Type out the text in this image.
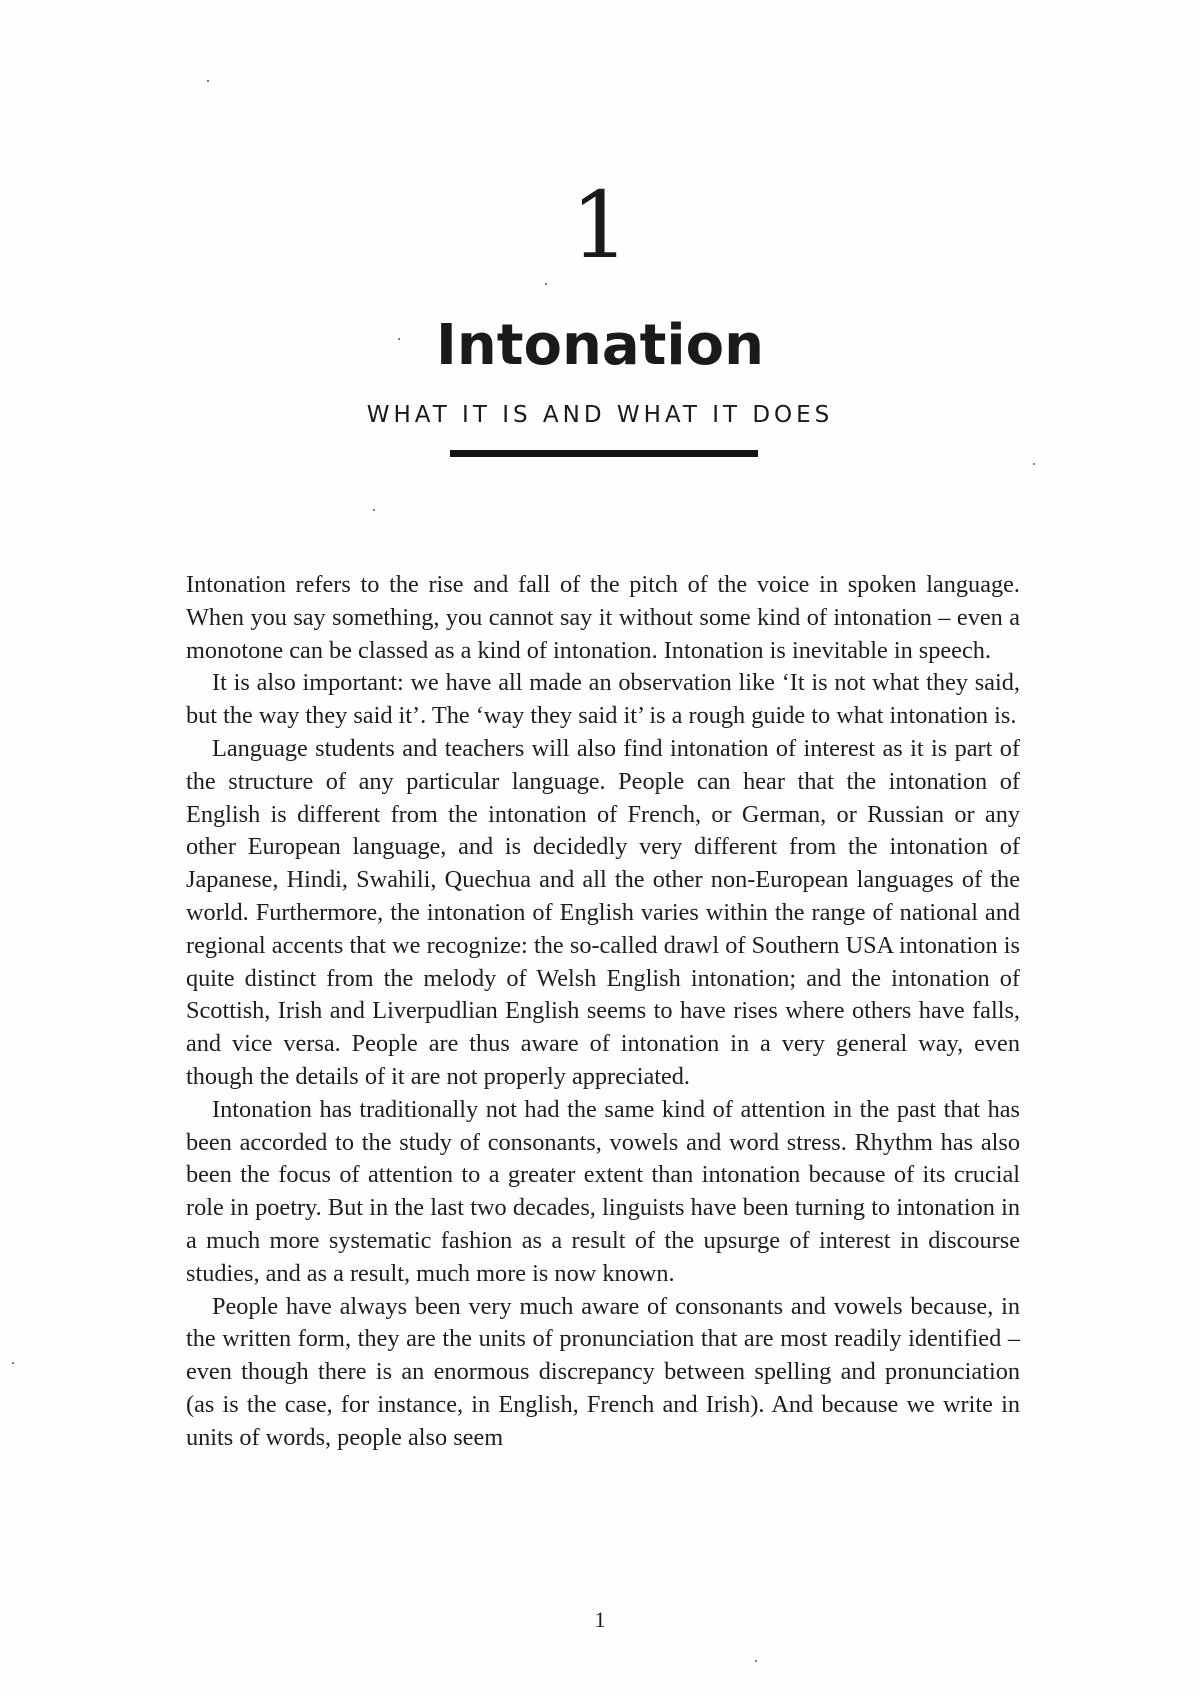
1
Intonation
WHAT IT IS AND WHAT IT DOES

Intonation refers to the rise and fall of the pitch of the voice in spoken language. When you say something, you cannot say it without some kind of intonation – even a monotone can be classed as a kind of intonation. Intonation is inevitable in speech.

It is also important: we have all made an observation like ‘It is not what they said, but the way they said it’. The ‘way they said it’ is a rough guide to what intonation is.

Language students and teachers will also find intonation of interest as it is part of the structure of any particular language. People can hear that the intonation of English is different from the intonation of French, or German, or Russian or any other European language, and is decidedly very different from the intonation of Japanese, Hindi, Swahili, Quechua and all the other non-European languages of the world. Furthermore, the intonation of English varies within the range of national and regional accents that we recognize: the so-called drawl of Southern USA intonation is quite distinct from the melody of Welsh English intonation; and the intonation of Scottish, Irish and Liverpudlian English seems to have rises where others have falls, and vice versa. People are thus aware of intonation in a very general way, even though the details of it are not properly appreciated.

Intonation has traditionally not had the same kind of attention in the past that has been accorded to the study of consonants, vowels and word stress. Rhythm has also been the focus of attention to a greater extent than intonation because of its crucial role in poetry. But in the last two decades, linguists have been turning to intonation in a much more systematic fashion as a result of the upsurge of interest in discourse studies, and as a result, much more is now known.

People have always been very much aware of consonants and vowels because, in the written form, they are the units of pronunciation that are most readily identified – even though there is an enormous discrepancy between spelling and pronunciation (as is the case, for instance, in English, French and Irish). And because we write in units of words, people also seem

1
